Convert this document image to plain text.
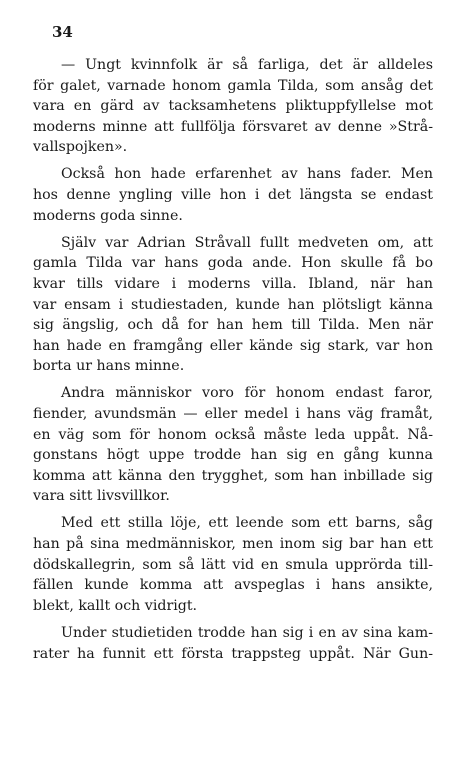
34
— Ungt kvinnfolk är så farliga, det är alldeles
för galet, varnade honom gamla Tilda, som ansåg det
vara en gärd av tacksamhetens pliktuppfyllelse mot
moderns minne att fullfölja försvaret av denne »Strå-
vallspojken».
Också hon hade erfarenhet av hans fader. Men
hos denne yngling ville hon i det längsta se endast
moderns goda sinne.
Själv var Adrian Stråvall fullt medveten om, att
gamla Tilda var hans goda ande. Hon skulle få bo
kvar tills vidare i moderns villa. Ibland, när han
var ensam i studiestaden, kunde han plötsligt känna
sig ängslig, och då for han hem till Tilda. Men när
han hade en framgång eller kände sig stark, var hon
borta ur hans minne.
Andra människor voro för honom endast faror,
fiender, avundsmän — eller medel i hans väg framåt,
en väg som för honom också måste leda uppåt. Nå-
gonstans högt uppe trodde han sig en gång kunna
komma att känna den trygghet, som han inbillade sig
vara sitt livsvillkor.
Med ett stilla löje, ett leende som ett barns, såg
han på sina medmänniskor, men inom sig bar han ett
dödskallegrin, som så lätt vid en smula upprörda till-
fällen kunde komma att avspeglas i hans ansikte,
blekt, kallt och vidrigt.
Under studietiden trodde han sig i en av sina kam-
rater ha funnit ett första trappsteg uppåt. När Gun-
